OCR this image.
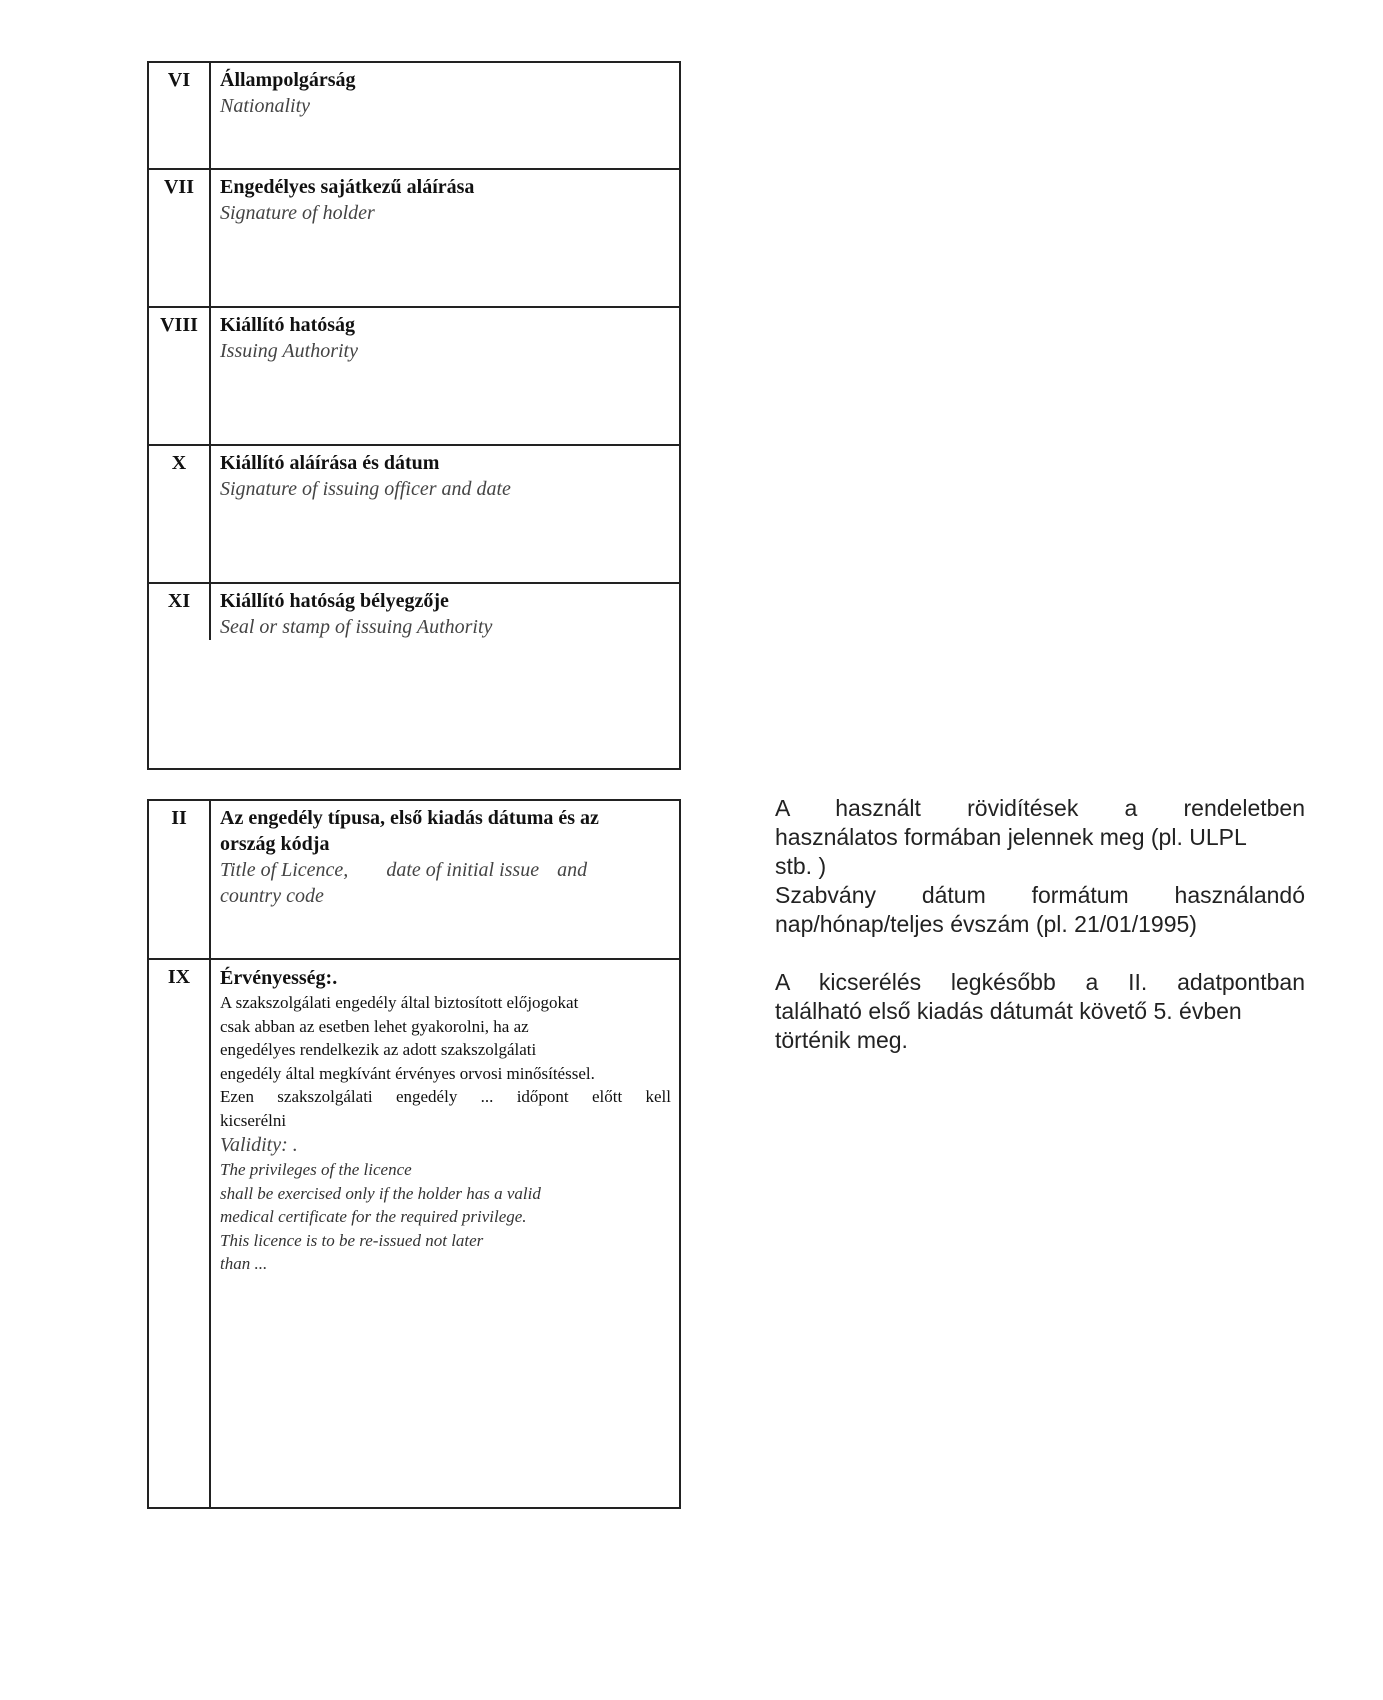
VI	Állampolgárság
Nationality
VII	Engedélyes sajátkezű aláírása
Signature of holder
VIII	Kiállító hatóság
Issuing Authority
X	Kiállító aláírása és dátum
Signature of issuing officer and date
XI	Kiállító hatóság bélyegzője
Seal or stamp of issuing Authority
II	Az engedély típusa, első kiadás dátuma és az
ország kódja
Title of Licence, date of initial issue and
country code
IX	Érvényesség:.
A szakszolgálati engedély által biztosított előjogokat
csak abban az esetben lehet gyakorolni, ha az
engedélyes rendelkezik az adott szakszolgálati
engedély által megkívánt érvényes orvosi minősítéssel.
Ezen szakszolgálati engedély ... időpont előtt kell
kicserélni
Validity: .
The privileges of the licence
shall be exercised only if the holder has a valid
medical certificate for the required privilege.
This licence is to be re-issued not later
than ...

A használt rövidítések a rendeletben
használatos formában jelennek meg (pl. ULPL
stb. )

Szabvány dátum formátum használandó
nap/hónap/teljes évszám (pl. 21/01/1995)

A kicserélés legkésőbb a II. adatpontban
található első kiadás dátumát követő 5. évben
történik meg.
